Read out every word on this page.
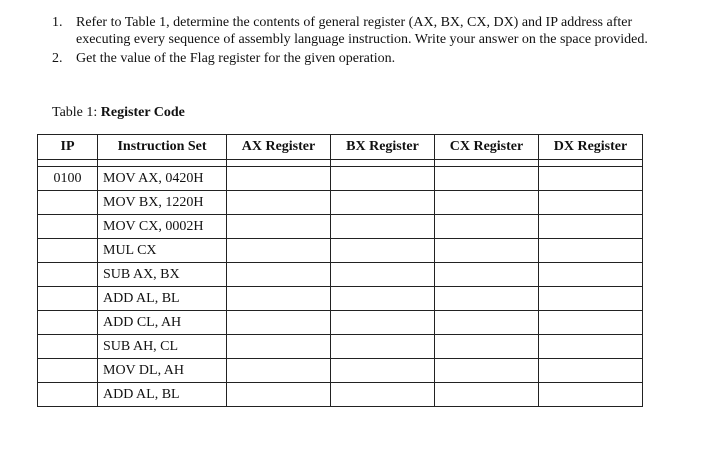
1. Refer to Table 1, determine the contents of general register (AX, BX, CX, DX) and IP address after executing every sequence of assembly language instruction. Write your answer on the space provided.
2. Get the value of the Flag register for the given operation.
Table 1: Register Code
IP	Instruction Set	AX Register	BX Register	CX Register	DX Register

0100	MOV AX, 0420H				
	MOV BX, 1220H				
	MOV CX, 0002H				
	MUL CX				
	SUB AX, BX				
	ADD AL, BL				
	ADD CL, AH				
	SUB AH, CL				
	MOV DL, AH				
	ADD AL, BL				
